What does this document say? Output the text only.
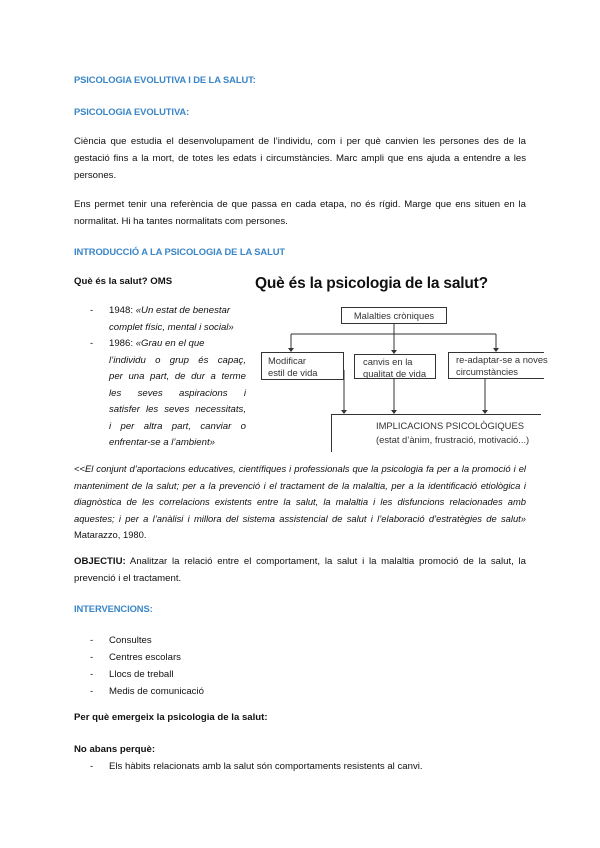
PSICOLOGIA EVOLUTIVA I DE LA SALUT:
PSICOLOGIA EVOLUTIVA:
Ciència que estudia el desenvolupament de l’individu, com i per què canvien les persones des de la gestació fins a la mort, de totes les edats i circumstàncies. Marc ampli que ens ajuda a entendre a les persones.
Ens permet tenir una referència de que passa en cada etapa, no és rígid. Marge que ens situen en la normalitat. Hi ha tantes normalitats com persones.
INTRODUCCIÓ A LA PSICOLOGIA DE LA SALUT
Què és la salut? OMS
- 1948: «Un estat de benestar
complet físic, mental i social»
- 1986: «Grau en el que
l’individu o grup és capaç,
per una part, de dur a terme
les seves aspiracions i
satisfer les seves necessitats,
i per altra part, canviar o
enfrentar-se a l’ambient»
Què és la psicologia de la salut?
Malalties cròniques
Modificar
estil de vida
canvis en la
qualitat de vida
re-adaptar-se a noves
circumstàncies
IMPLICACIONS PSICOLÒGIQUES
(estat d’ànim, frustració, motivació...)
<<El conjunt d’aportacions educatives, científiques i professionals que la psicologia fa per a la promoció i el manteniment de la salut; per a la prevenció i el tractament de la malaltia, per a la identificació etiològica i diagnòstica de les correlacions existents entre la salut, la malaltia i les disfuncions relacionades amb aquestes; i per a l’anàlisi i millora del sistema assistencial de salut i l’elaboració d’estratègies de salut» Matarazzo, 1980.
OBJECTIU: Analitzar la relació entre el comportament, la salut i la malaltia promoció de la salut, la prevenció i el tractament.
INTERVENCIONS:
- Consultes
- Centres escolars
- Llocs de treball
- Medis de comunicació
Per què emergeix la psicologia de la salut:
No abans perquè:
- Els hàbits relacionats amb la salut són comportaments resistents al canvi.
